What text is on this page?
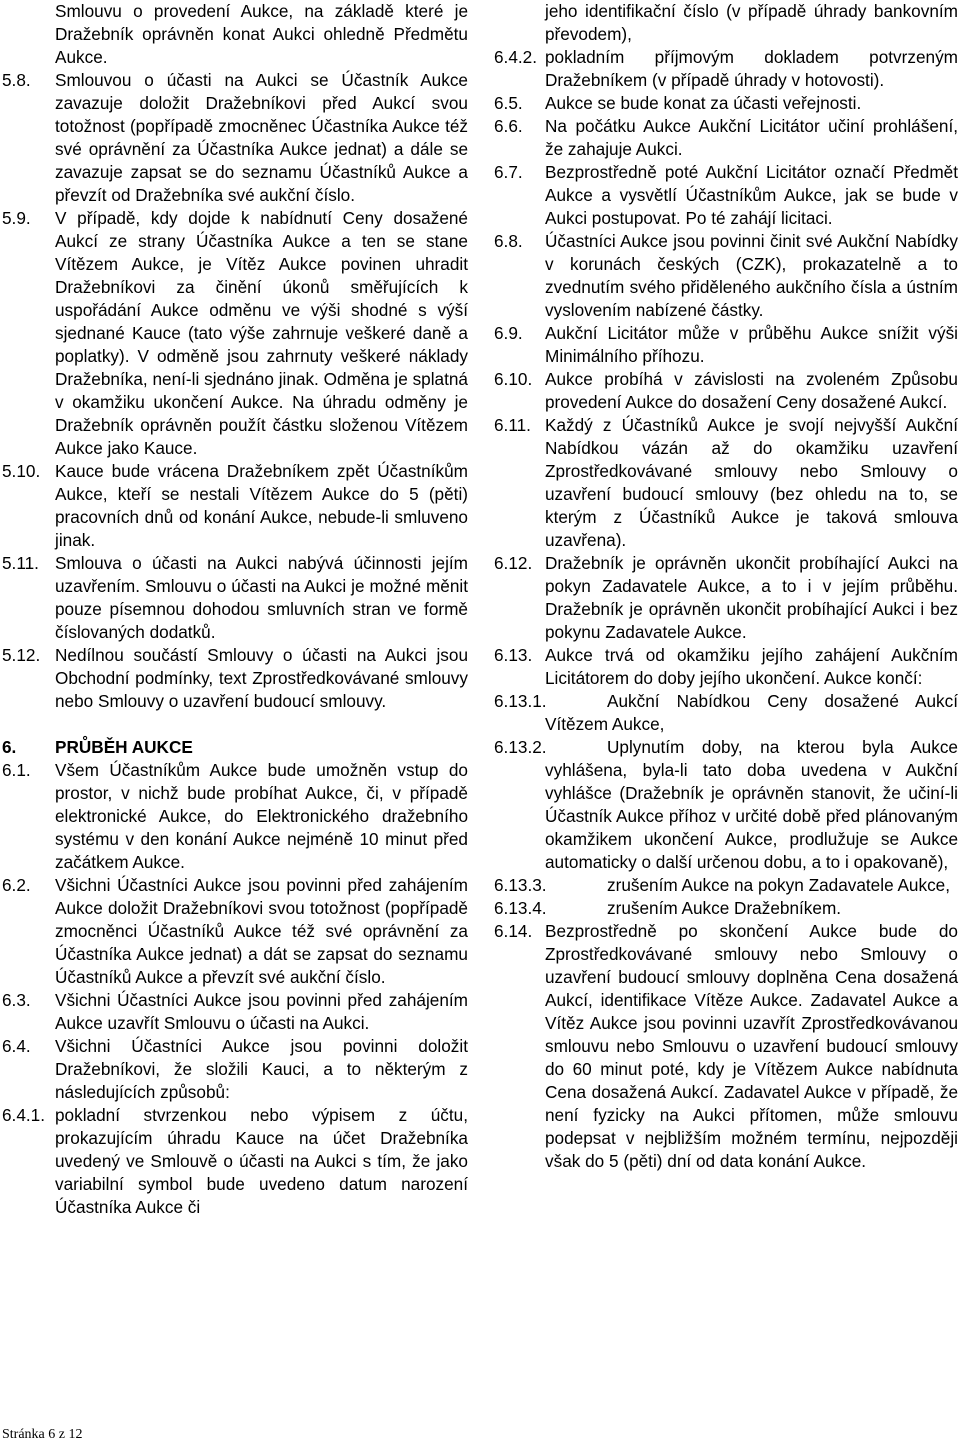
Smlouvu o provedení Aukce, na základě které je Dražebník oprávněn konat Aukci ohledně Předmětu Aukce.
5.8.	Smlouvou o účasti na Aukci se Účastník Aukce zavazuje doložit Dražebníkovi před Aukcí svou totožnost (popřípadě zmocněnec Účastníka Aukce též své oprávnění za Účastníka Aukce jednat) a dále se zavazuje zapsat se do seznamu Účastníků Aukce a převzít od Dražebníka své aukční číslo.
5.9.	V případě, kdy dojde k nabídnutí Ceny dosažené Aukcí ze strany Účastníka Aukce a ten se stane Vítězem Aukce, je Vítěz Aukce povinen uhradit Dražebníkovi za činění úkonů směřujících k uspořádání Aukce odměnu ve výši shodné s výší sjednané Kauce (tato výše zahrnuje veškeré daně a poplatky). V odměně jsou zahrnuty veškeré náklady Dražebníka, není-li sjednáno jinak. Odměna je splatná v okamžiku ukončení Aukce. Na úhradu odměny je Dražebník oprávněn použít částku složenou Vítězem Aukce jako Kauce.
5.10. Kauce bude vrácena Dražebníkem zpět Účastníkům Aukce, kteří se nestali Vítězem Aukce do 5 (pěti) pracovních dnů od konání Aukce, nebude-li smluveno jinak.
5.11. Smlouva o účasti na Aukci nabývá účinnosti jejím uzavřením. Smlouvu o účasti na Aukci je možné měnit pouze písemnou dohodou smluvních stran ve formě číslovaných dodatků.
5.12. Nedílnou součástí Smlouvy o účasti na Aukci jsou Obchodní podmínky, text Zprostředkovávané smlouvy nebo Smlouvy o uzavření budoucí smlouvy.
6.	PRŮBĚH AUKCE
6.1.	Všem Účastníkům Aukce bude umožněn vstup do prostor, v nichž bude probíhat Aukce, či, v případě elektronické Aukce, do Elektronického dražebního systému v den konání Aukce nejméně 10 minut před začátkem Aukce.
6.2.	Všichni Účastníci Aukce jsou povinni před zahájením Aukce doložit Dražebníkovi svou totožnost (popřípadě zmocněnci Účastníků Aukce též své oprávnění za Účastníka Aukce jednat) a dát se zapsat do seznamu Účastníků Aukce a převzít své aukční číslo.
6.3.	Všichni Účastníci Aukce jsou povinni před zahájením Aukce uzavřít Smlouvu o účasti na Aukci.
6.4.	Všichni Účastníci Aukce jsou povinni doložit Dražebníkovi, že složili Kauci, a to některým z následujících způsobů:
6.4.1. pokladní stvrzenkou nebo výpisem z účtu, prokazujícím úhradu Kauce na účet Dražebníka uvedený ve Smlouvě o účasti na Aukci s tím, že jako variabilní symbol bude uvedeno datum narození Účastníka Aukce či
jeho identifikační číslo (v případě úhrady bankovním převodem),
6.4.2. pokladním příjmovým dokladem potvrzeným Dražebníkem (v případě úhrady v hotovosti).
6.5.	Aukce se bude konat za účasti veřejnosti.
6.6.	Na počátku Aukce Aukční Licitátor učiní prohlášení, že zahajuje Aukci.
6.7.	Bezprostředně poté Aukční Licitátor označí Předmět Aukce a vysvětlí Účastníkům Aukce, jak se bude v Aukci postupovat. Po té zahájí licitaci.
6.8.	Účastníci Aukce jsou povinni činit své Aukční Nabídky v korunách českých (CZK), prokazatelně a to zvednutím svého přiděleného aukčního čísla a ústním vyslovením nabízené částky.
6.9.	Aukční Licitátor může v průběhu Aukce snížit výši Minimálního příhozu.
6.10. Aukce probíhá v závislosti na zvoleném Způsobu provedení Aukce do dosažení Ceny dosažené Aukcí.
6.11. Každý z Účastníků Aukce je svojí nejvyšší Aukční Nabídkou vázán až do okamžiku uzavření Zprostředkovávané smlouvy nebo Smlouvy o uzavření budoucí smlouvy (bez ohledu na to, se kterým z Účastníků Aukce je taková smlouva uzavřena).
6.12. Dražebník je oprávněn ukončit probíhající Aukci na pokyn Zadavatele Aukce, a to i v jejím průběhu. Dražebník je oprávněn ukončit probíhající Aukci i bez pokynu Zadavatele Aukce.
6.13. Aukce trvá od okamžiku jejího zahájení Aukčním Licitátorem do doby jejího ukončení. Aukce končí:
6.13.1.	Aukční Nabídkou Ceny dosažené Aukcí Vítězem Aukce,
6.13.2.	Uplynutím doby, na kterou byla Aukce vyhlášena, byla-li tato doba uvedena v Aukční vyhlášce (Dražebník je oprávněn stanovit, že učiní-li Účastník Aukce příhoz v určité době před plánovaným okamžikem ukončení Aukce, prodlužuje se Aukce automaticky o další určenou dobu, a to i opakovaně),
6.13.3.	zrušením Aukce na pokyn Zadavatele Aukce,
6.13.4.	zrušením Aukce Dražebníkem.
6.14. Bezprostředně po skončení Aukce bude do Zprostředkovávané smlouvy nebo Smlouvy o uzavření budoucí smlouvy doplněna Cena dosažená Aukcí, identifikace Vítěze Aukce. Zadavatel Aukce a Vítěz Aukce jsou povinni uzavřít Zprostředkovávanou smlouvu nebo Smlouvu o uzavření budoucí smlouvy do 60 minut poté, kdy je Vítězem Aukce nabídnuta Cena dosažená Aukcí. Zadavatel Aukce v případě, že není fyzicky na Aukci přítomen, může smlouvu podepsat v nejbližším možném termínu, nejpozději však do 5 (pěti) dní od data konání Aukce.
Stránka 6 z 12
